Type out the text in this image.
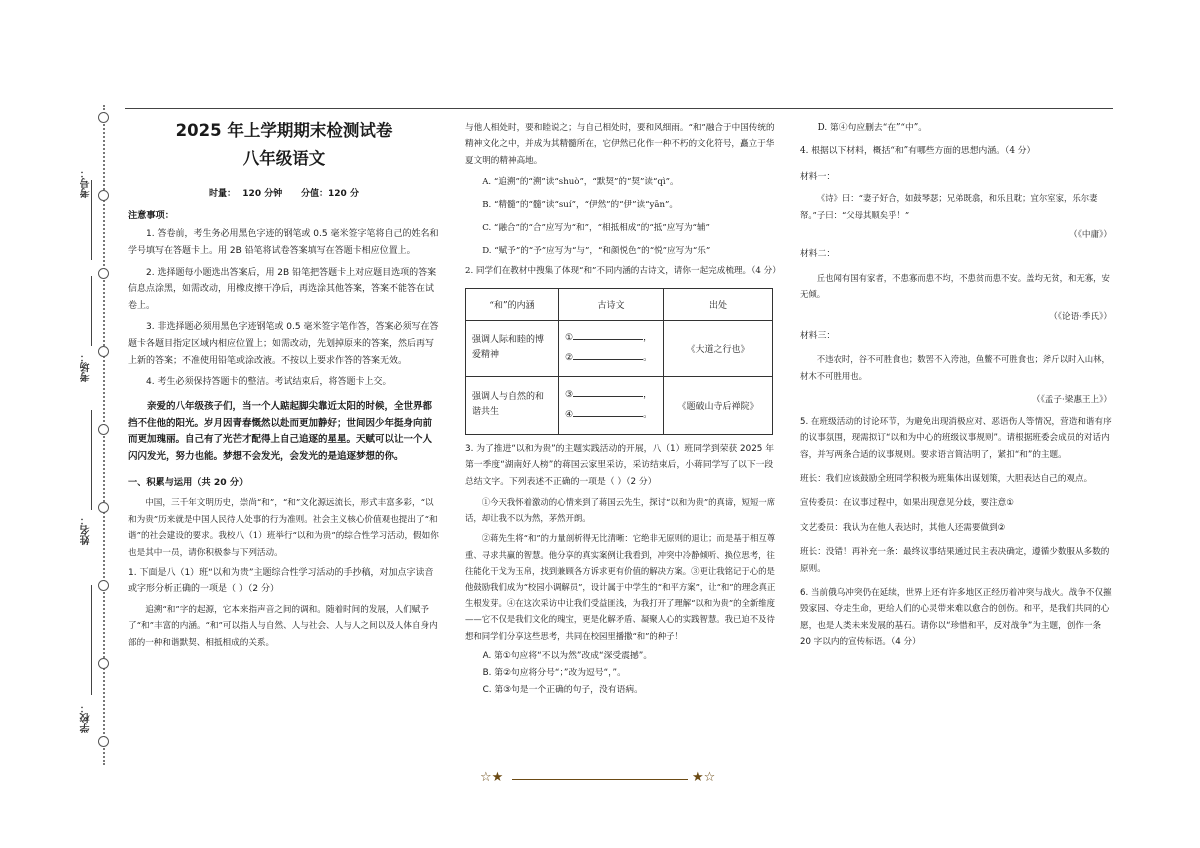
考号：
考场：
姓名：
学校：
2025 年上学期期末检测试卷
八年级语文
时量：  120 分钟      分值：120 分
注意事项：

1. 答卷前，考生务必用黑色字迹的钢笔或 0.5 毫米签字笔将自己的姓名和学号填写在答题卡上。用 2B 铅笔将试卷答案填写在答题卡相应位置上。

2. 选择题每小题选出答案后，用 2B 铅笔把答题卡上对应题目选项的答案信息点涂黑，如需改动，用橡皮擦干净后，再选涂其他答案，答案不能答在试卷上。

3. 非选择题必须用黑色字迹钢笔或 0.5 毫米签字笔作答，答案必须写在答题卡各题目指定区域内相应位置上；如需改动，先划掉原来的答案，然后再写上新的答案；不准使用铅笔或涂改液。不按以上要求作答的答案无效。

4. 考生必须保持答题卡的整洁。考试结束后，将答题卡上交。

亲爱的八年级孩子们，当一个人踮起脚尖靠近太阳的时候，全世界都挡不住他的阳光。岁月因青春慨然以赴而更加静好；世间因少年挺身向前而更加瑰丽。自己有了光芒才配得上自己追逐的星星。天赋可以让一个人闪闪发光，努力也能。梦想不会发光，会发光的是追逐梦想的你。

一、积累与运用（共 20 分）

中国，三千年文明历史，崇尚“和”，“和”文化源远流长，形式丰富多彩，“以和为贵”历来就是中国人民待人处事的行为准则。社会主义核心价值观也提出了“和谐”的社会建设的要求。我校八（1）班举行“以和为贵”的综合性学习活动，假如你也是其中一员，请你积极参与下列活动。

1. 下面是八（1）班“以和为贵”主题综合性学习活动的手抄稿，对加点字读音或字形分析正确的一项是（ ）（2 分）

追溯“和”字的起源，它本来指声音之间的调和。随着时间的发展，人们赋予了“和”丰富的内涵。“和”可以指人与自然、人与社会、人与人之间以及人体自身内部的一种和谐默契、相抵相成的关系。

与他人相处时，要和睦说之；与自己相处时，要和风细雨。“和”融合于中国传统的精神文化之中，并成为其精髓所在，它伊然已化作一种不朽的文化符号，矗立于华夏文明的精神高地。

A. “追溯”的“溯”读“shuò”，“默契”的“契”读“qì”。

B. “精髓”的“髓”读“suí”，“伊然”的“伊”读“yān”。

C. “融合”的“合”应写为“和”，“相抵相成”的“抵”应写为“辅”

D. “赋予”的“予”应写为“与”，“和颜悦色”的“悦”应写为“乐”

2. 同学们在教材中搜集了体现“和”不同内涵的古诗文，请你一起完成梳理。（4 分）

“和”的内涵	古诗文	出处
强调人际和睦的博爱精神	① ，
② 。	《大道之行也》
强调人与自然的和谐共生	③ ，
④ 。	《题破山寺后禅院》

3. 为了推进“以和为贵”的主题实践活动的开展，八（1）班同学到荣获 2025 年第一季度“湖南好人榜”的蒋国云家里采访，采访结束后，小蒋同学写了以下一段总结文字。下列表述不正确的一项是（ ）（2 分）

①今天我怀着激动的心情来到了蒋国云先生，探讨“以和为贵”的真谛，短短一席话，却让我不以为然，茅然开朗。

②蒋先生将“和”的力量剖析得无比清晰：它绝非无原则的退让；而是基于相互尊重、寻求共赢的智慧。他分享的真实案例让我看到，冲突中冷静倾听、换位思考，往往能化干戈为玉帛，找到兼顾各方诉求更有价值的解决方案。③更让我铭记于心的是他鼓励我们成为“校园小调解员”，设计属于中学生的“和平方案”，让“和”的理念真正生根发芽。④在这次采访中让我们受益匪浅，为我打开了理解“以和为贵”的全新维度——它不仅是我们文化的瑰宝，更是化解矛盾、凝聚人心的实践智慧。我已迫不及待想和同学们分享这些思考，共同在校园里播撒“和”的种子！

A. 第①句应将“不以为然”改成“深受震撼”。

B. 第②句应将分号“；”改为逗号“，”。

C. 第③句是一个正确的句子，没有语病。

D. 第④句应删去“在”“中”。

4. 根据以下材料，概括“和”有哪些方面的思想内涵。（4 分）

材料一：

《诗》曰：“妻子好合，如鼓琴瑟；兄弟既翕，和乐且耽；宜尔室家，乐尔妻帑。”子曰：“父母其顺矣乎！”

（《中庸》）

材料二：

丘也闻有国有家者，不患寡而患不均，不患贫而患不安。盖均无贫，和无寡，安无倾。

（《论语·季氏》）

材料三：

不违农时，谷不可胜食也；数罟不入洿池，鱼鳖不可胜食也；斧斤以时入山林，材木不可胜用也。

（《孟子·梁惠王上》）

5. 在班级活动的讨论环节，为避免出现消极应对、恶语伤人等情况，营造和谐有序的议事氛围，现需拟订“以和为中心的班级议事规则”。请根据班委会成员的对话内容，并写两条合适的议事规则。要求语言简洁明了，紧扣“和”的主题。

班长：我们应该鼓励全班同学积极为班集体出谋划策，大胆表达自己的观点。

宣传委员：在议事过程中，如果出现意见分歧，要注意①

文艺委员：我认为在他人表达时，其他人还需要做到②

班长：没错！再补充一条：最终议事结果通过民主表决确定，遵循少数服从多数的原则。

6. 当前俄乌冲突仍在延续，世界上还有许多地区正经历着冲突与战火。战争不仅摧毁家园、夺走生命，更给人们的心灵带来难以愈合的创伤。和平，是我们共同的心愿，也是人类未来发展的基石。请你以“珍惜和平，反对战争”为主题，创作一条 20 字以内的宣传标语。（4 分）

☆★	★☆
